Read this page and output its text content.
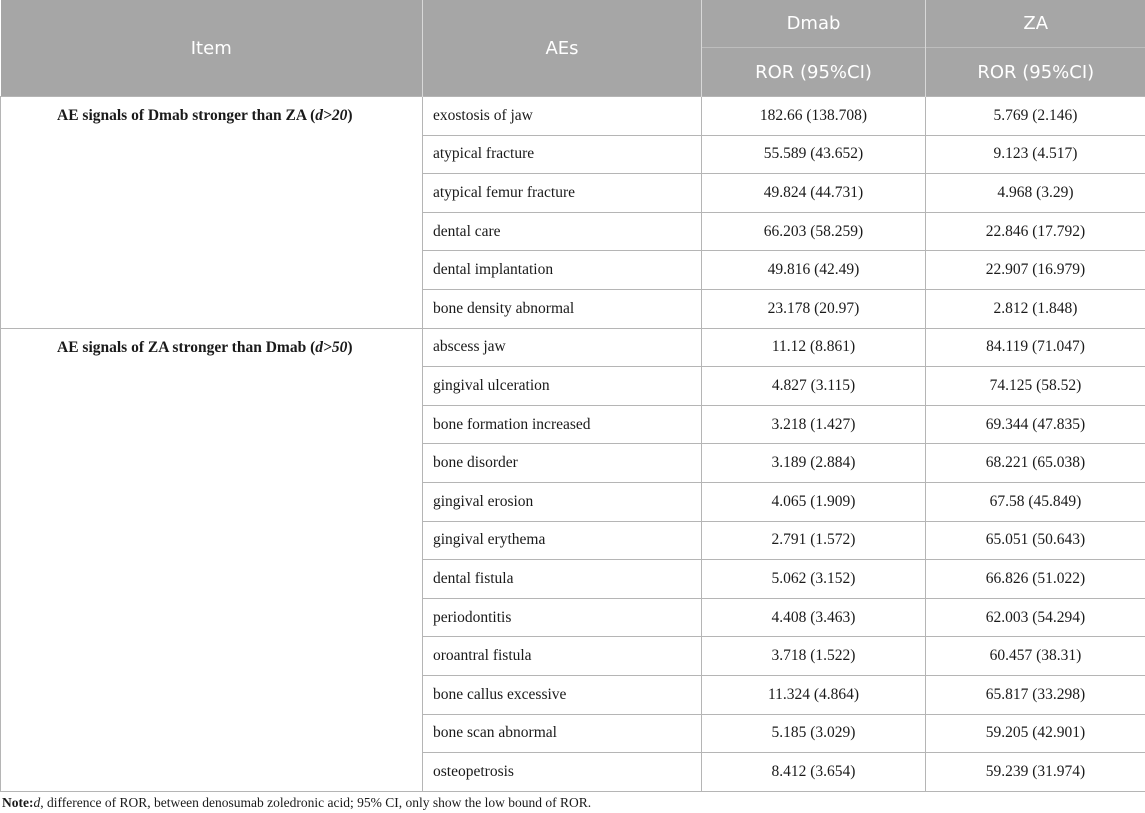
Item	AEs	Dmab	ZA
		ROR (95%CI)	ROR (95%CI)
AE signals of Dmab stronger than ZA (d>20)	exostosis of jaw	182.66 (138.708)	5.769 (2.146)
	atypical fracture	55.589 (43.652)	9.123 (4.517)
	atypical femur fracture	49.824 (44.731)	4.968 (3.29)
	dental care	66.203 (58.259)	22.846 (17.792)
	dental implantation	49.816 (42.49)	22.907 (16.979)
	bone density abnormal	23.178 (20.97)	2.812 (1.848)
AE signals of ZA stronger than Dmab (d>50)	abscess jaw	11.12 (8.861)	84.119 (71.047)
	gingival ulceration	4.827 (3.115)	74.125 (58.52)
	bone formation increased	3.218 (1.427)	69.344 (47.835)
	bone disorder	3.189 (2.884)	68.221 (65.038)
	gingival erosion	4.065 (1.909)	67.58 (45.849)
	gingival erythema	2.791 (1.572)	65.051 (50.643)
	dental fistula	5.062 (3.152)	66.826 (51.022)
	periodontitis	4.408 (3.463)	62.003 (54.294)
	oroantral fistula	3.718 (1.522)	60.457 (38.31)
	bone callus excessive	11.324 (4.864)	65.817 (33.298)
	bone scan abnormal	5.185 (3.029)	59.205 (42.901)
	osteopetrosis	8.412 (3.654)	59.239 (31.974)
Note:d, difference of ROR, between denosumab zoledronic acid; 95% CI, only show the low bound of ROR.
